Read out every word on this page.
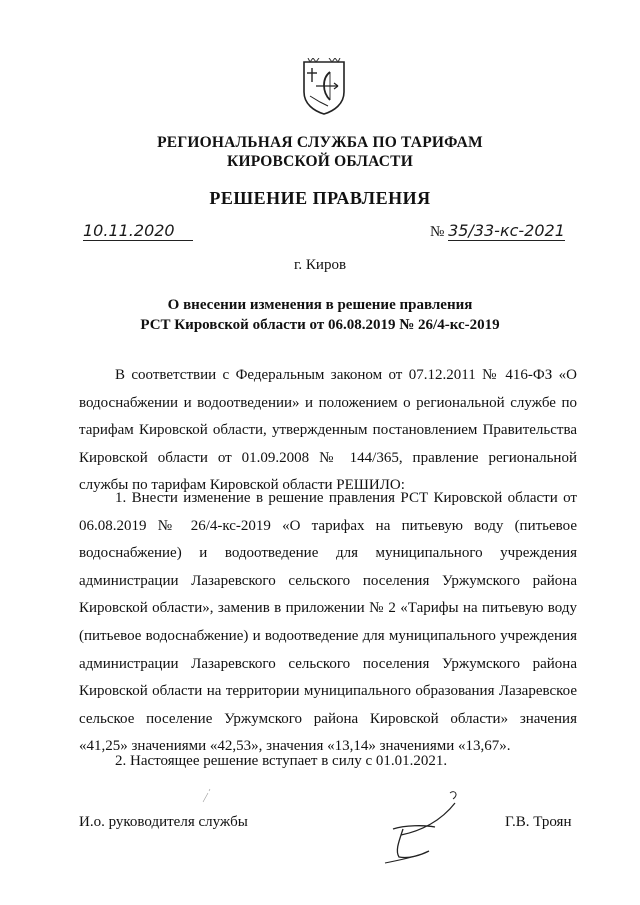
РЕГИОНАЛЬНАЯ СЛУЖБА ПО ТАРИФАМ
КИРОВСКОЙ ОБЛАСТИ
РЕШЕНИЕ ПРАВЛЕНИЯ
10.11.2020	№ 35/33-кс-2021
г. Киров
О внесении изменения в решение правления
РСТ Кировской области от 06.08.2019 № 26/4-кс-2019

В соответствии с Федеральным законом от 07.12.2011 № 416-ФЗ «О водоснабжении и водоотведении» и положением о региональной службе по тарифам Кировской области, утвержденным постановлением Правительства Кировской области от 01.09.2008 № 144/365, правление региональной службы по тарифам Кировской области РЕШИЛО:

1. Внести изменение в решение правления РСТ Кировской области от 06.08.2019 № 26/4-кс-2019 «О тарифах на питьевую воду (питьевое водоснабжение) и водоотведение для муниципального учреждения администрации Лазаревского сельского поселения Уржумского района Кировской области», заменив в приложении № 2 «Тарифы на питьевую воду (питьевое водоснабжение) и водоотведение для муниципального учреждения администрации Лазаревского сельского поселения Уржумского района Кировской области на территории муниципального образования Лазаревское сельское поселение Уржумского района Кировской области» значения «41,25» значениями «42,53», значения «13,14» значениями «13,67».

2. Настоящее решение вступает в силу с 01.01.2021.

И.о. руководителя службы	Г.В. Троян
